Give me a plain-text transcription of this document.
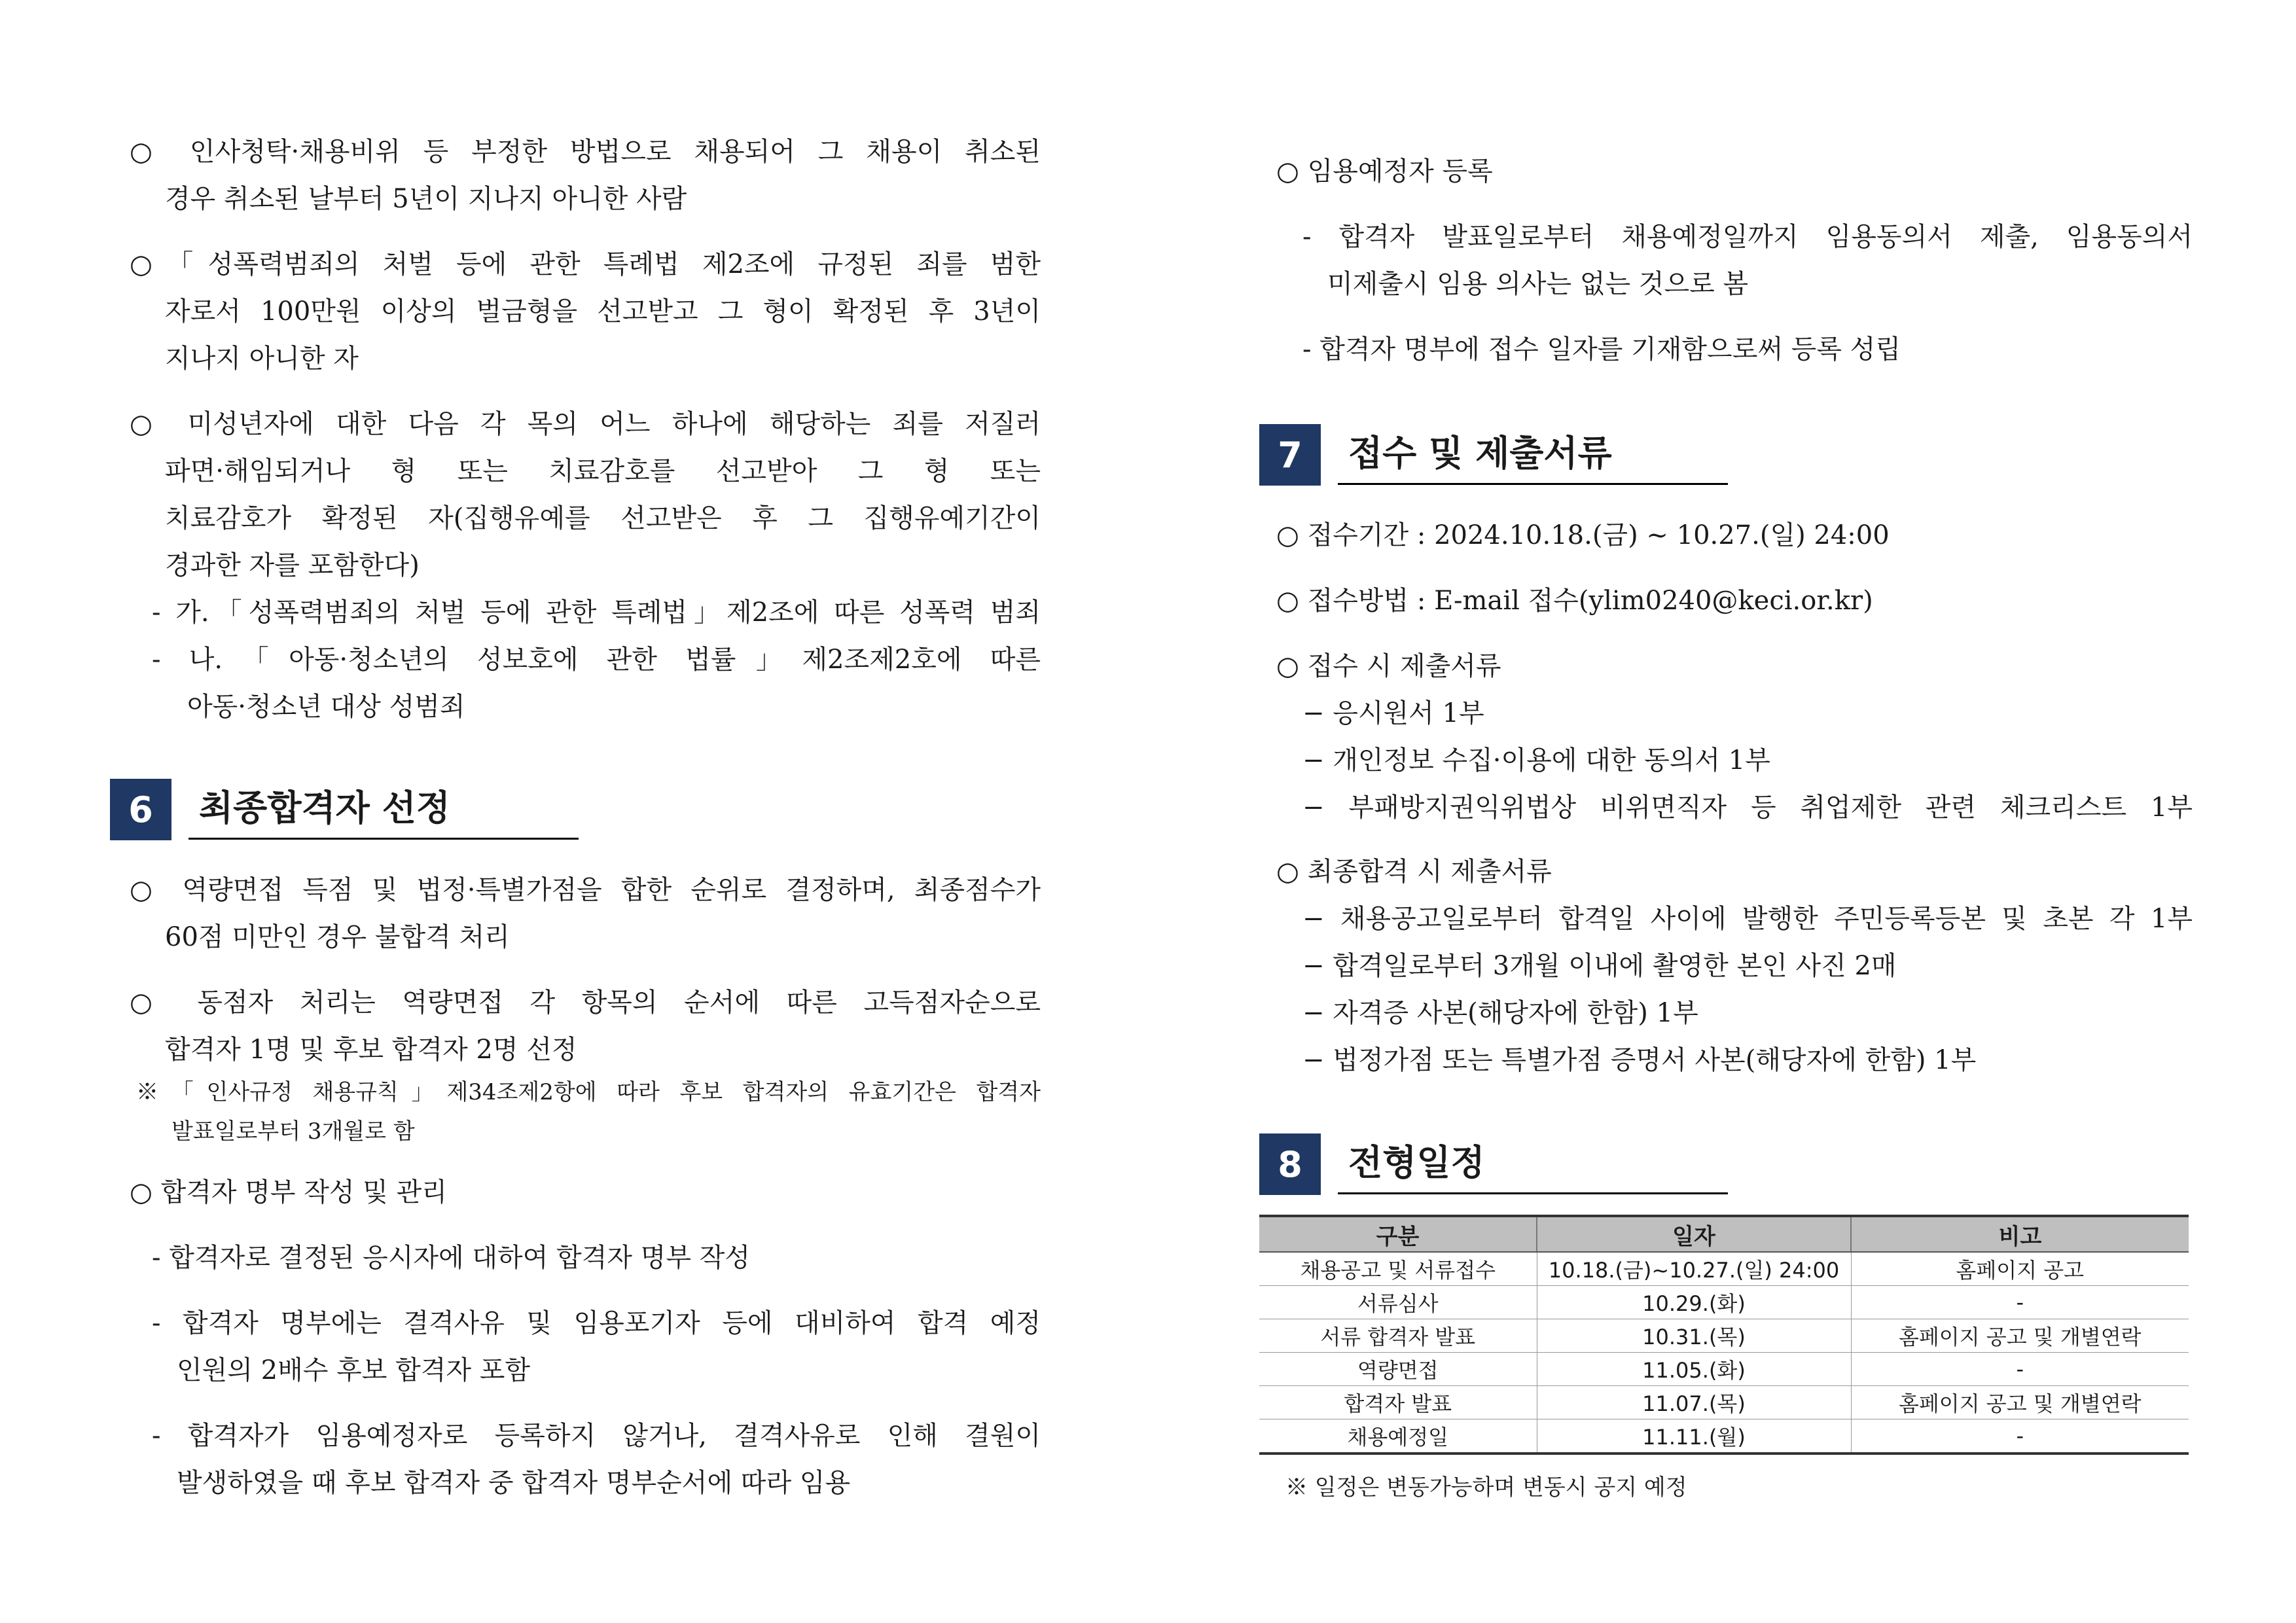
○ 인사청탁·채용비위 등 부정한 방법으로 채용되어 그 채용이 취소된
경우 취소된 날부터 5년이 지나지 아니한 사람
○「성폭력범죄의 처벌 등에 관한 특례법 제2조에 규정된 죄를 범한
자로서 100만원 이상의 벌금형을 선고받고 그 형이 확정된 후 3년이
지나지 아니한 자
○ 미성년자에 대한 다음 각 목의 어느 하나에 해당하는 죄를 저질러
파면·해임되거나 형 또는 치료감호를 선고받아 그 형 또는
치료감호가 확정된 자(집행유예를 선고받은 후 그 집행유예기간이
경과한 자를 포함한다)
- 가.「성폭력범죄의 처벌 등에 관한 특례법」제2조에 따른 성폭력 범죄
- 나.「아동·청소년의 성보호에 관한 법률」제2조제2호에 따른
아동·청소년 대상 성범죄
6	최종합격자 선정
○ 역량면접 득점 및 법정·특별가점을 합한 순위로 결정하며, 최종점수가
60점 미만인 경우 불합격 처리
○ 동점자 처리는 역량면접 각 항목의 순서에 따른 고득점자순으로
합격자 1명 및 후보 합격자 2명 선정
※「인사규정 채용규칙」제34조제2항에 따라 후보 합격자의 유효기간은 합격자
발표일로부터 3개월로 함
○ 합격자 명부 작성 및 관리
- 합격자로 결정된 응시자에 대하여 합격자 명부 작성
- 합격자 명부에는 결격사유 및 임용포기자 등에 대비하여 합격 예정
인원의 2배수 후보 합격자 포함
- 합격자가 임용예정자로 등록하지 않거나, 결격사유로 인해 결원이
발생하였을 때 후보 합격자 중 합격자 명부순서에 따라 임용
○ 임용예정자 등록
- 합격자 발표일로부터 채용예정일까지 임용동의서 제출, 임용동의서
미제출시 임용 의사는 없는 것으로 봄
- 합격자 명부에 접수 일자를 기재함으로써 등록 성립
7	접수 및 제출서류
○ 접수기간 : 2024.10.18.(금) ~ 10.27.(일) 24:00
○ 접수방법 : E-mail 접수(ylim0240@keci.or.kr)
○ 접수 시 제출서류
− 응시원서 1부
− 개인정보 수집·이용에 대한 동의서 1부
− 부패방지권익위법상 비위면직자 등 취업제한 관련 체크리스트 1부
○ 최종합격 시 제출서류
− 채용공고일로부터 합격일 사이에 발행한 주민등록등본 및 초본 각 1부
− 합격일로부터 3개월 이내에 촬영한 본인 사진 2매
− 자격증 사본(해당자에 한함) 1부
− 법정가점 또는 특별가점 증명서 사본(해당자에 한함) 1부
8	전형일정
구분	일자	비고
채용공고 및 서류접수	10.18.(금)~10.27.(일) 24:00	홈페이지 공고
서류심사	10.29.(화)	-
서류 합격자 발표	10.31.(목)	홈페이지 공고 및 개별연락
역량면접	11.05.(화)	-
합격자 발표	11.07.(목)	홈페이지 공고 및 개별연락
채용예정일	11.11.(월)	-
※ 일정은 변동가능하며 변동시 공지 예정
